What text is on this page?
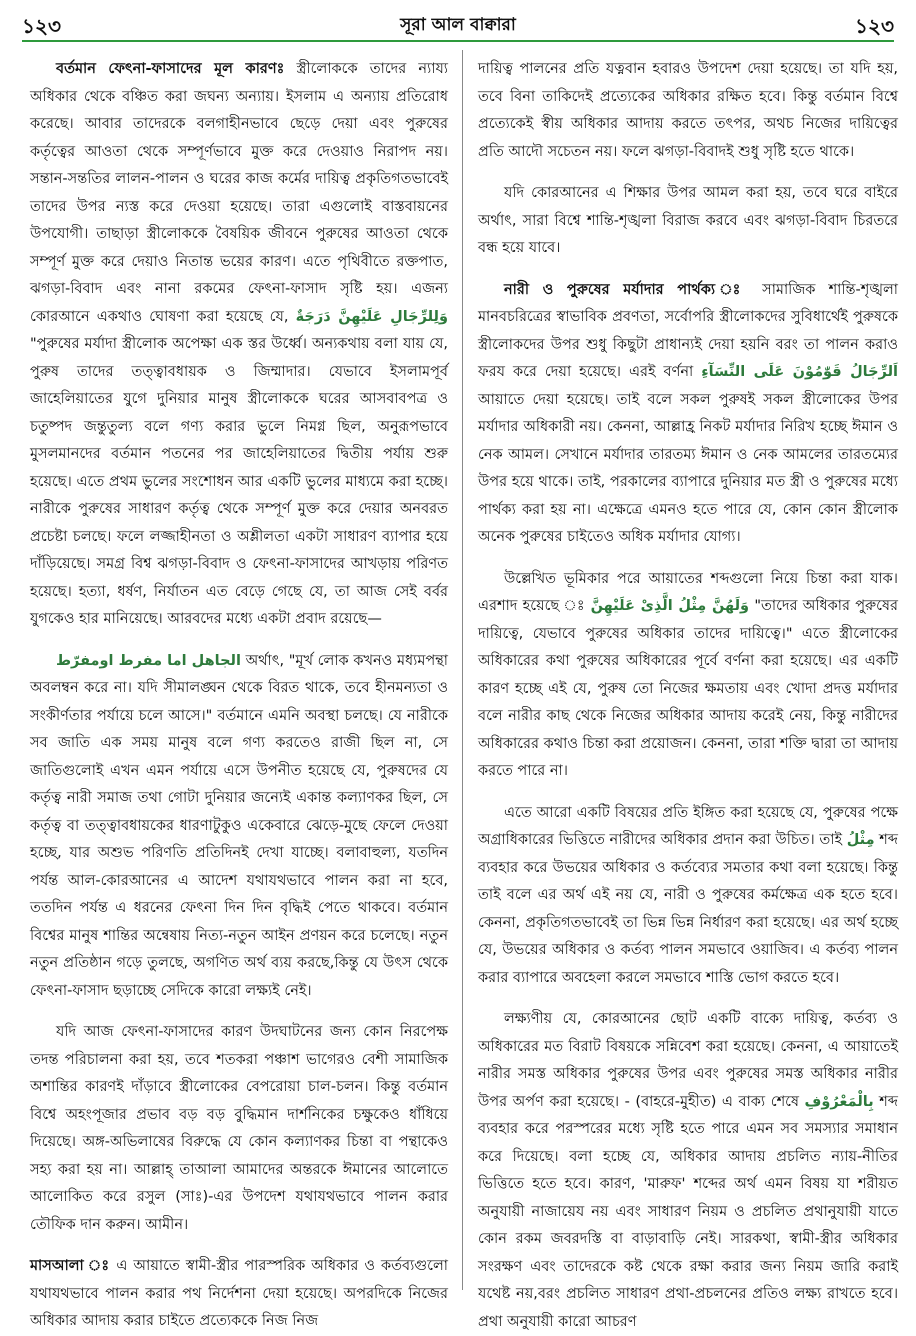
১২৩	সূরা আল বাক্বারা	১২৩

বর্তমান ফেৎনা-ফাসাদের মূল কারণঃ স্ত্রীলোককে তাদের ন্যায্য অধিকার থেকে বঞ্চিত করা জঘন্য অন্যায়। ইসলাম এ অন্যায় প্রতিরোধ করেছে। আবার তাদেরকে বলগাহীনভাবে ছেড়ে দেয়া এবং পুরুষের কর্তৃত্বের আওতা থেকে সম্পূর্ণভাবে মুক্ত করে দেওয়াও নিরাপদ নয়। সন্তান-সন্ততির লালন-পালন ও ঘরের কাজ কর্মের দায়িত্ব প্রকৃতিগতভাবেই তাদের উপর ন্যস্ত করে দেওয়া হয়েছে। তারা এগুলোই বাস্তবায়নের উপযোগী। তাছাড়া স্ত্রীলোককে বৈষয়িক জীবনে পুরুষের আওতা থেকে সম্পূর্ণ মুক্ত করে দেয়াও নিতান্ত ভয়ের কারণ। এতে পৃথিবীতে রক্তপাত, ঝগড়া-বিবাদ এবং নানা রকমের ফেৎনা-ফাসাদ সৃষ্টি হয়। এজন্য কোরআনে একথাও ঘোষণা করা হয়েছে যে, وَلِلرِّجَالِ عَلَيْهِنَّ دَرَجَةٌ "পুরুষের মর্যাদা স্ত্রীলোক অপেক্ষা এক স্তর উর্ধ্বে। অন্যকথায় বলা যায় যে, পুরুষ তাদের তত্ত্বাবধায়ক ও জিম্মাদার। যেভাবে ইসলামপূর্ব জাহেলিয়াতের যুগে দুনিয়ার মানুষ স্ত্রীলোককে ঘরের আসবাবপত্র ও চতুষ্পদ জন্তুতুল্য বলে গণ্য করার ভুলে নিমগ্ন ছিল, অনুরূপভাবে মুসলমানদের বর্তমান পতনের পর জাহেলিয়াতের দ্বিতীয় পর্যায় শুরু হয়েছে। এতে প্রথম ভুলের সংশোধন আর একটি ভুলের মাধ্যমে করা হচ্ছে। নারীকে পুরুষের সাধারণ কর্তৃত্ব থেকে সম্পূর্ণ মুক্ত করে দেয়ার অনবরত প্রচেষ্টা চলছে। ফলে লজ্জাহীনতা ও অশ্লীলতা একটা সাধারণ ব্যাপার হয়ে দাঁড়িয়েছে। সমগ্র বিশ্ব ঝগড়া-বিবাদ ও ফেৎনা-ফাসাদের আখড়ায় পরিণত হয়েছে। হত্যা, ধর্ষণ, নির্যাতন এত বেড়ে গেছে যে, তা আজ সেই বর্বর যুগকেও হার মানিয়েছে। আরবদের মধ্যে একটা প্রবাদ রয়েছে—

الجاهل اما مفرط اومفرّط অর্থাৎ, "মূর্খ লোক কখনও মধ্যমপন্থা অবলম্বন করে না। যদি সীমালঙ্ঘন থেকে বিরত থাকে, তবে হীনমন্যতা ও সংকীর্ণতার পর্যায়ে চলে আসে।" বর্তমানে এমনি অবস্থা চলছে। যে নারীকে সব জাতি এক সময় মানুষ বলে গণ্য করতেও রাজী ছিল না, সে জাতিগুলোই এখন এমন পর্যায়ে এসে উপনীত হয়েছে যে, পুরুষদের যে কর্তৃত্ব নারী সমাজ তথা গোটা দুনিয়ার জন্যেই একান্ত কল্যাণকর ছিল, সে কর্তৃত্ব বা তত্ত্বাবধায়কের ধারণাটুকুও একেবারে ঝেড়ে-মুছে ফেলে দেওয়া হচ্ছে, যার অশুভ পরিণতি প্রতিদিনই দেখা যাচ্ছে। বলাবাহুল্য, যতদিন পর্যন্ত আল-কোরআনের এ আদেশ যথাযথভাবে পালন করা না হবে, ততদিন পর্যন্ত এ ধরনের ফেৎনা দিন দিন বৃদ্ধিই পেতে থাকবে। বর্তমান বিশ্বের মানুষ শান্তির অন্বেষায় নিত্য-নতুন আইন প্রণয়ন করে চলেছে। নতুন নতুন প্রতিষ্ঠান গড়ে তুলছে, অগণিত অর্থ ব্যয় করছে,কিন্তু যে উৎস থেকে ফেৎনা-ফাসাদ ছড়াচ্ছে সেদিকে কারো লক্ষ্যই নেই।

যদি আজ ফেৎনা-ফাসাদের কারণ উদঘাটনের জন্য কোন নিরপেক্ষ তদন্ত পরিচালনা করা হয়, তবে শতকরা পঞ্চাশ ভাগেরও বেশী সামাজিক অশান্তির কারণই দাঁড়াবে স্ত্রীলোকের বেপরোয়া চাল-চলন। কিন্তু বর্তমান বিশ্বে অহংপূজার প্রভাব বড় বড় বুদ্ধিমান দার্শনিকের চক্ষুকেও ধাঁধিয়ে দিয়েছে। অঙ্গ-অভিলাষের বিরুদ্ধে যে কোন কল্যাণকর চিন্তা বা পন্থাকেও সহ্য করা হয় না। আল্লাহ্ তাআলা আমাদের অন্তরকে ঈমানের আলোতে আলোকিত করে রসুল (সাঃ)-এর উপদেশ যথাযথভাবে পালন করার তৌফিক দান করুন। আমীন।

মাসআলা ঃ এ আয়াতে স্বামী-স্ত্রীর পারস্পরিক অধিকার ও কর্তব্যগুলো যথাযথভাবে পালন করার পথ নির্দেশনা দেয়া হয়েছে। অপরদিকে নিজের অধিকার আদায় করার চাইতে প্রত্যেককে নিজ নিজ

দায়িত্ব পালনের প্রতি যত্নবান হবারও উপদেশ দেয়া হয়েছে। তা যদি হয়, তবে বিনা তাকিদেই প্রত্যেকের অধিকার রক্ষিত হবে। কিন্তু বর্তমান বিশ্বে প্রত্যেকেই স্বীয় অধিকার আদায় করতে তৎপর, অথচ নিজের দায়িত্বের প্রতি আদৌ সচেতন নয়। ফলে ঝগড়া-বিবাদই শুধু সৃষ্টি হতে থাকে।

যদি কোরআনের এ শিক্ষার উপর আমল করা হয়, তবে ঘরে বাইরে অর্থাৎ, সারা বিশ্বে শান্তি-শৃঙ্খলা বিরাজ করবে এবং ঝগড়া-বিবাদ চিরতরে বন্ধ হয়ে যাবে।

নারী ও পুরুষের মর্যাদার পার্থক্য ঃ সামাজিক শান্তি-শৃঙ্খলা মানবচরিত্রের স্বাভাবিক প্রবণতা, সর্বোপরি স্ত্রীলোকদের সুবিধার্থেই পুরুষকে স্ত্রীলোকদের উপর শুধু কিছুটা প্রাধান্যই দেয়া হয়নি বরং তা পালন করাও ফরয করে দেয়া হয়েছে। এরই বর্ণনা اَلرِّجَالُ قَوّٰمُوْنَ عَلَى النِّسَآءِ আয়াতে দেয়া হয়েছে। তাই বলে সকল পুরুষই সকল স্ত্রীলোকের উপর মর্যাদার অধিকারী নয়। কেননা, আল্লাহ্র নিকট মর্যাদার নিরিখ হচ্ছে ঈমান ও নেক আমল। সেখানে মর্যাদার তারতম্য ঈমান ও নেক আমলের তারতম্যের উপর হয়ে থাকে। তাই, পরকালের ব্যাপারে দুনিয়ার মত স্ত্রী ও পুরুষের মধ্যে পার্থক্য করা হয় না। এক্ষেত্রে এমনও হতে পারে যে, কোন কোন স্ত্রীলোক অনেক পুরুষের চাইতেও অধিক মর্যাদার যোগ্য।

উল্লেখিত ভূমিকার পরে আয়াতের শব্দগুলো নিয়ে চিন্তা করা যাক। এরশাদ হয়েছে ঃ وَلَهُنَّ مِثْلُ الَّذِىْ عَلَيْهِنَّ "তাদের অধিকার পুরুষের দায়িত্বে, যেভাবে পুরুষের অধিকার তাদের দায়িত্বে।" এতে স্ত্রীলোকের অধিকারের কথা পুরুষের অধিকারের পূর্বে বর্ণনা করা হয়েছে। এর একটি কারণ হচ্ছে এই যে, পুরুষ তো নিজের ক্ষমতায় এবং খোদা প্রদত্ত মর্যাদার বলে নারীর কাছ থেকে নিজের অধিকার আদায় করেই নেয়, কিন্তু নারীদের অধিকারের কথাও চিন্তা করা প্রয়োজন। কেননা, তারা শক্তি দ্বারা তা আদায় করতে পারে না।

এতে আরো একটি বিষয়ের প্রতি ইঙ্গিত করা হয়েছে যে, পুরুষের পক্ষে অগ্রাধিকারের ভিত্তিতে নারীদের অধিকার প্রদান করা উচিত। তাই مِثْلُ শব্দ ব্যবহার করে উভয়ের অধিকার ও কর্তব্যের সমতার কথা বলা হয়েছে। কিন্তু তাই বলে এর অর্থ এই নয় যে, নারী ও পুরুষের কর্মক্ষেত্র এক হতে হবে। কেননা, প্রকৃতিগতভাবেই তা ভিন্ন ভিন্ন নির্ধারণ করা হয়েছে। এর অর্থ হচ্ছে যে, উভয়ের অধিকার ও কর্তব্য পালন সমভাবে ওয়াজিব। এ কর্তব্য পালন করার ব্যাপারে অবহেলা করলে সমভাবে শাস্তি ভোগ করতে হবে।

লক্ষ্যণীয় যে, কোরআনের ছোট একটি বাক্যে দায়িত্ব, কর্তব্য ও অধিকারের মত বিরাট বিষয়কে সন্নিবেশ করা হয়েছে। কেননা, এ আয়াতেই নারীর সমস্ত অধিকার পুরুষের উপর এবং পুরুষের সমস্ত অধিকার নারীর উপর অর্পণ করা হয়েছে। - (বাহরে-মুহীত) এ বাক্য শেষে بِالْمَعْرُوْفِ শব্দ ব্যবহার করে পরস্পরের মধ্যে সৃষ্টি হতে পারে এমন সব সমস্যার সমাধান করে দিয়েছে। বলা হচ্ছে যে, অধিকার আদায় প্রচলিত ন্যায়-নীতির ভিত্তিতে হতে হবে। কারণ, 'মারুফ' শব্দের অর্থ এমন বিষয় যা শরীয়ত অনুযায়ী নাজায়েয নয় এবং সাধারণ নিয়ম ও প্রচলিত প্রথানুযায়ী যাতে কোন রকম জবরদস্তি বা বাড়াবাড়ি নেই। সারকথা, স্বামী-স্ত্রীর অধিকার সংরক্ষণ এবং তাদেরকে কষ্ট থেকে রক্ষা করার জন্য নিয়ম জারি করাই যথেষ্ট নয়,বরং প্রচলিত সাধারণ প্রথা-প্রচলনের প্রতিও লক্ষ্য রাখতে হবে। প্রথা অনুযায়ী কারো আচরণ
